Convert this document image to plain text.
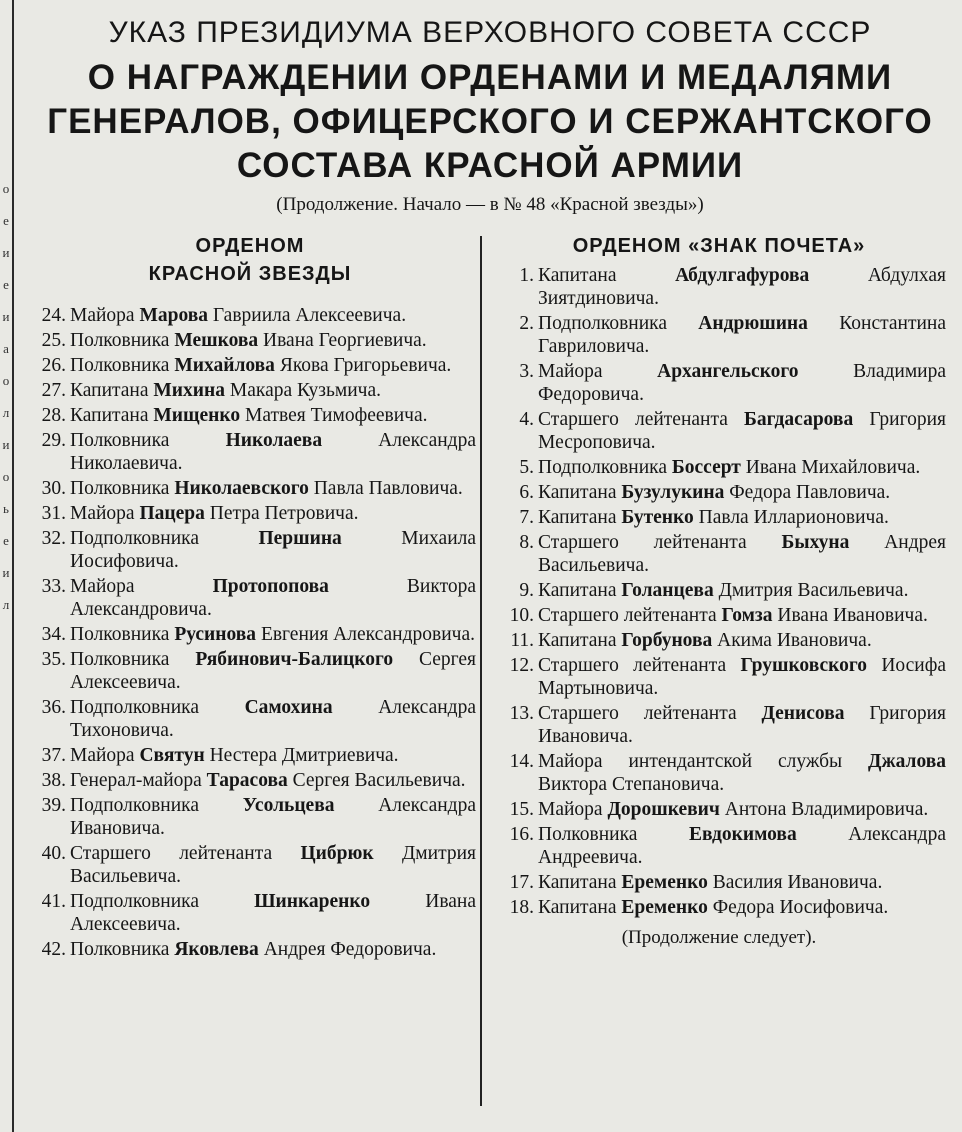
о
е
и
е
и
а
о
л
и
о
ь
е
и
л
УКАЗ ПРЕЗИДИУМА ВЕРХОВНОГО СОВЕТА СССР
О НАГРАЖДЕНИИ ОРДЕНАМИ И МЕДАЛЯМИ
ГЕНЕРАЛОВ, ОФИЦЕРСКОГО И СЕРЖАНТСКОГО
СОСТАВА КРАСНОЙ АРМИИ
(Продолжение. Начало — в № 48 «Красной звезды»)
ОРДЕНОМ
КРАСНОЙ ЗВЕЗДЫ
24. Майора Марова Гавриила Алексеевича.
25. Полковника Мешкова Ивана Георгиевича.
26. Полковника Михайлова Якова Григорьевича.
27. Капитана Михина Макара Кузьмича.
28. Капитана Мищенко Матвея Тимофеевича.
29. Полковника	Николаева	Александра Николаевича.
30. Полковника Николаевского Павла Павловича.
31. Майора Пацера Петра Петровича.
32. Подполковника	Першина	Михаила Иосифовича.
33. Майора	Протопопова	Виктора Александровича.
34. Полковника Русинова Евгения Александровича.
35. Полковника Рябинович-Балицкого Сергея Алексеевича.
36. Подполковника Самохина Александра Тихоновича.
37. Майора Святун Нестера Дмитриевича.
38. Генерал-майора Тарасова Сергея Васильевича.
39. Подполковника Усольцева Александра Ивановича.
40. Старшего лейтенанта Цибрюк Дмитрия Васильевича.
41. Подполковника	Шинкаренко	Ивана Алексеевича.
42. Полковника Яковлева Андрея Федоровича.
ОРДЕНОМ «ЗНАК ПОЧЕТА»
1. Капитана	Абдулгафурова	Абдулхая Зиятдиновича.
2. Подполковника Андрюшина Константина Гавриловича.
3. Майора	Архангельского	Владимира Федоровича.
4. Старшего лейтенанта Багдасарова Григория Месроповича.
5. Подполковника Боссерт Ивана Михайловича.
6. Капитана Бузулукина Федора Павловича.
7. Капитана Бутенко Павла Илларионовича.
8. Старшего лейтенанта Быхуна Андрея Васильевича.
9. Капитана Голанцева Дмитрия Васильевича.
10. Старшего лейтенанта Гомза Ивана Ивановича.
11. Капитана Горбунова Акима Ивановича.
12. Старшего лейтенанта Грушковского Иосифа Мартыновича.
13. Старшего лейтенанта Денисова Григория Ивановича.
14. Майора интендантской службы Джалова Виктора Степановича.
15. Майора Дорошкевич Антона Владимировича.
16. Полковника	Евдокимова	Александра Андреевича.
17. Капитана Еременко Василия Ивановича.
18. Капитана Еременко Федора Иосифовича.
(Продолжение следует).
